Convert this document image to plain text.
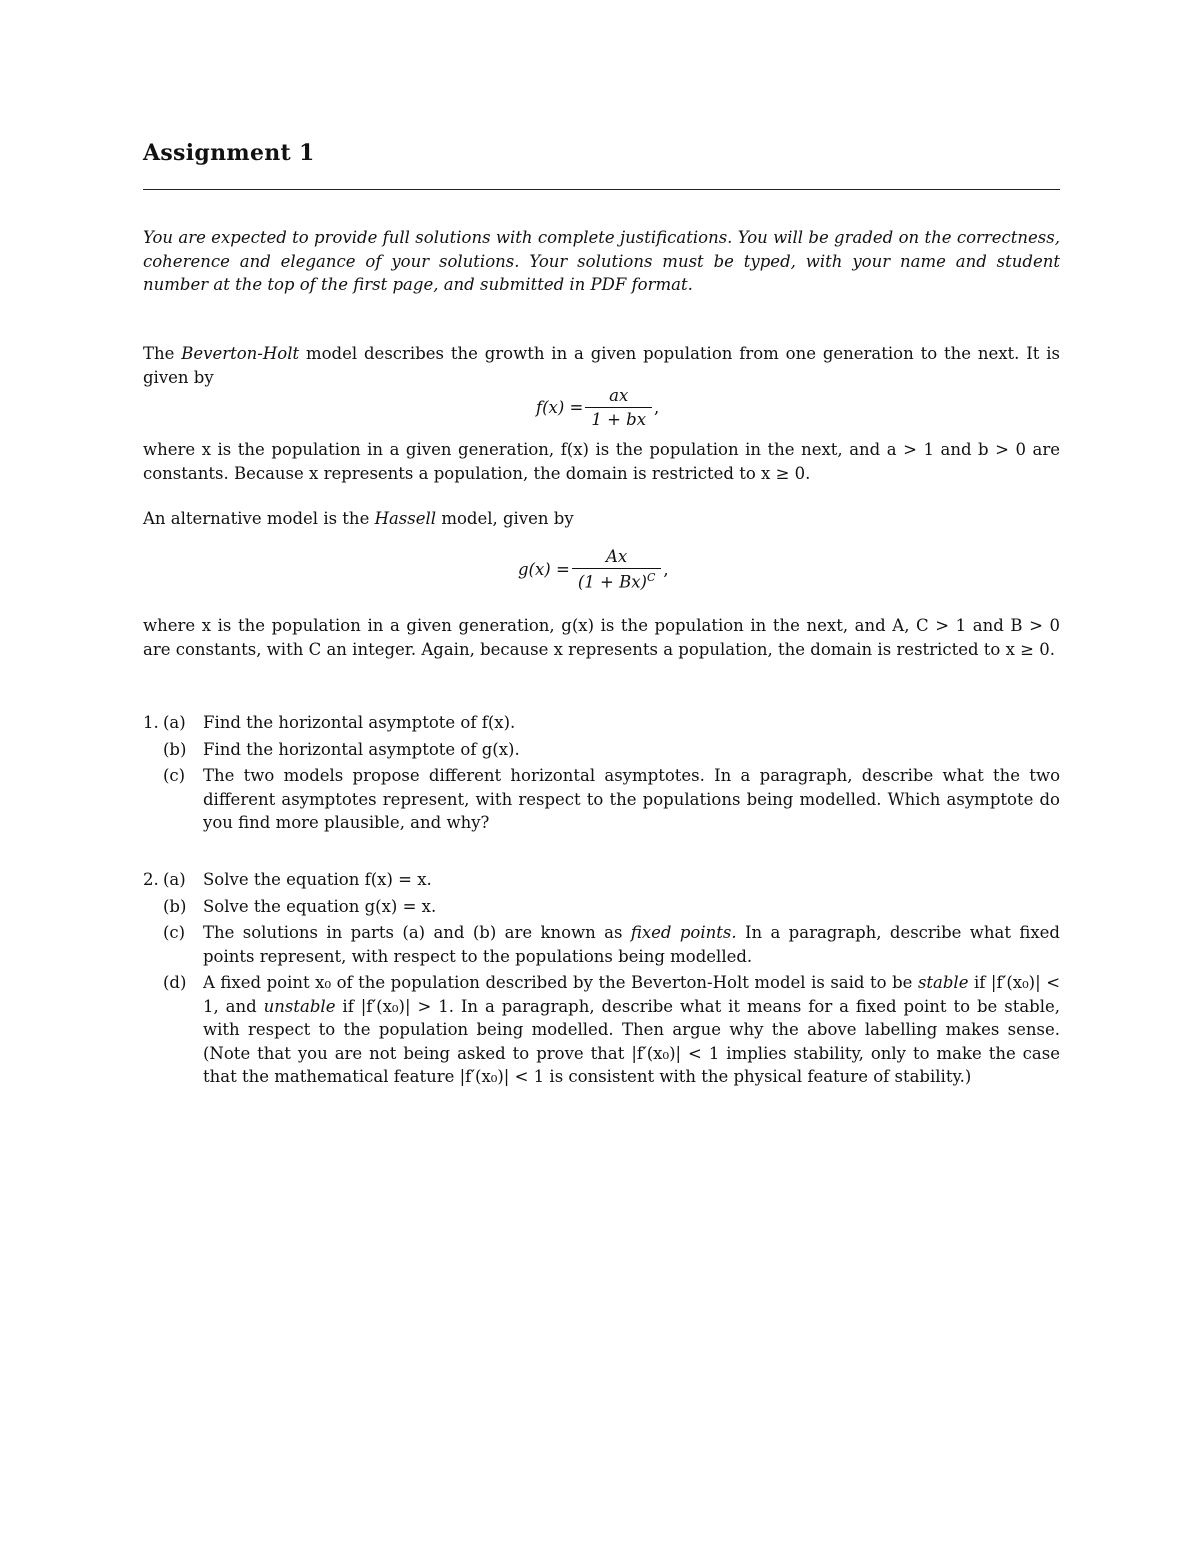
Assignment 1
You are expected to provide full solutions with complete justifications. You will be graded on the correctness, coherence and elegance of your solutions. Your solutions must be typed, with your name and student number at the top of the first page, and submitted in PDF format.
The Beverton-Holt model describes the growth in a given population from one generation to the next. It is given by
$f(x) = \frac{ax}{1 + bx}$ ,
where x is the population in a given generation, f(x) is the population in the next, and a > 1 and b > 0 are constants. Because x represents a population, the domain is restricted to x ≥ 0.
An alternative model is the Hassell model, given by
$g(x) = \frac{Ax}{(1 + Bx)^C}$ ,
where x is the population in a given generation, g(x) is the population in the next, and A, C > 1 and B > 0 are constants, with C an integer. Again, because x represents a population, the domain is restricted to x ≥ 0.
1. (a) Find the horizontal asymptote of f(x).
(b) Find the horizontal asymptote of g(x).
(c) The two models propose different horizontal asymptotes. In a paragraph, describe what the two different asymptotes represent, with respect to the populations being modelled. Which asymptote do you find more plausible, and why?
2. (a) Solve the equation f(x) = x.
(b) Solve the equation g(x) = x.
(c) The solutions in parts (a) and (b) are known as fixed points. In a paragraph, describe what fixed points represent, with respect to the populations being modelled.
(d) A fixed point x₀ of the population described by the Beverton-Holt model is said to be stable if |f′(x₀)| < 1, and unstable if |f′(x₀)| > 1. In a paragraph, describe what it means for a fixed point to be stable, with respect to the population being modelled. Then argue why the above labelling makes sense. (Note that you are not being asked to prove that |f′(x₀)| < 1 implies stability, only to make the case that the mathematical feature |f′(x₀)| < 1 is consistent with the physical feature of stability.)
